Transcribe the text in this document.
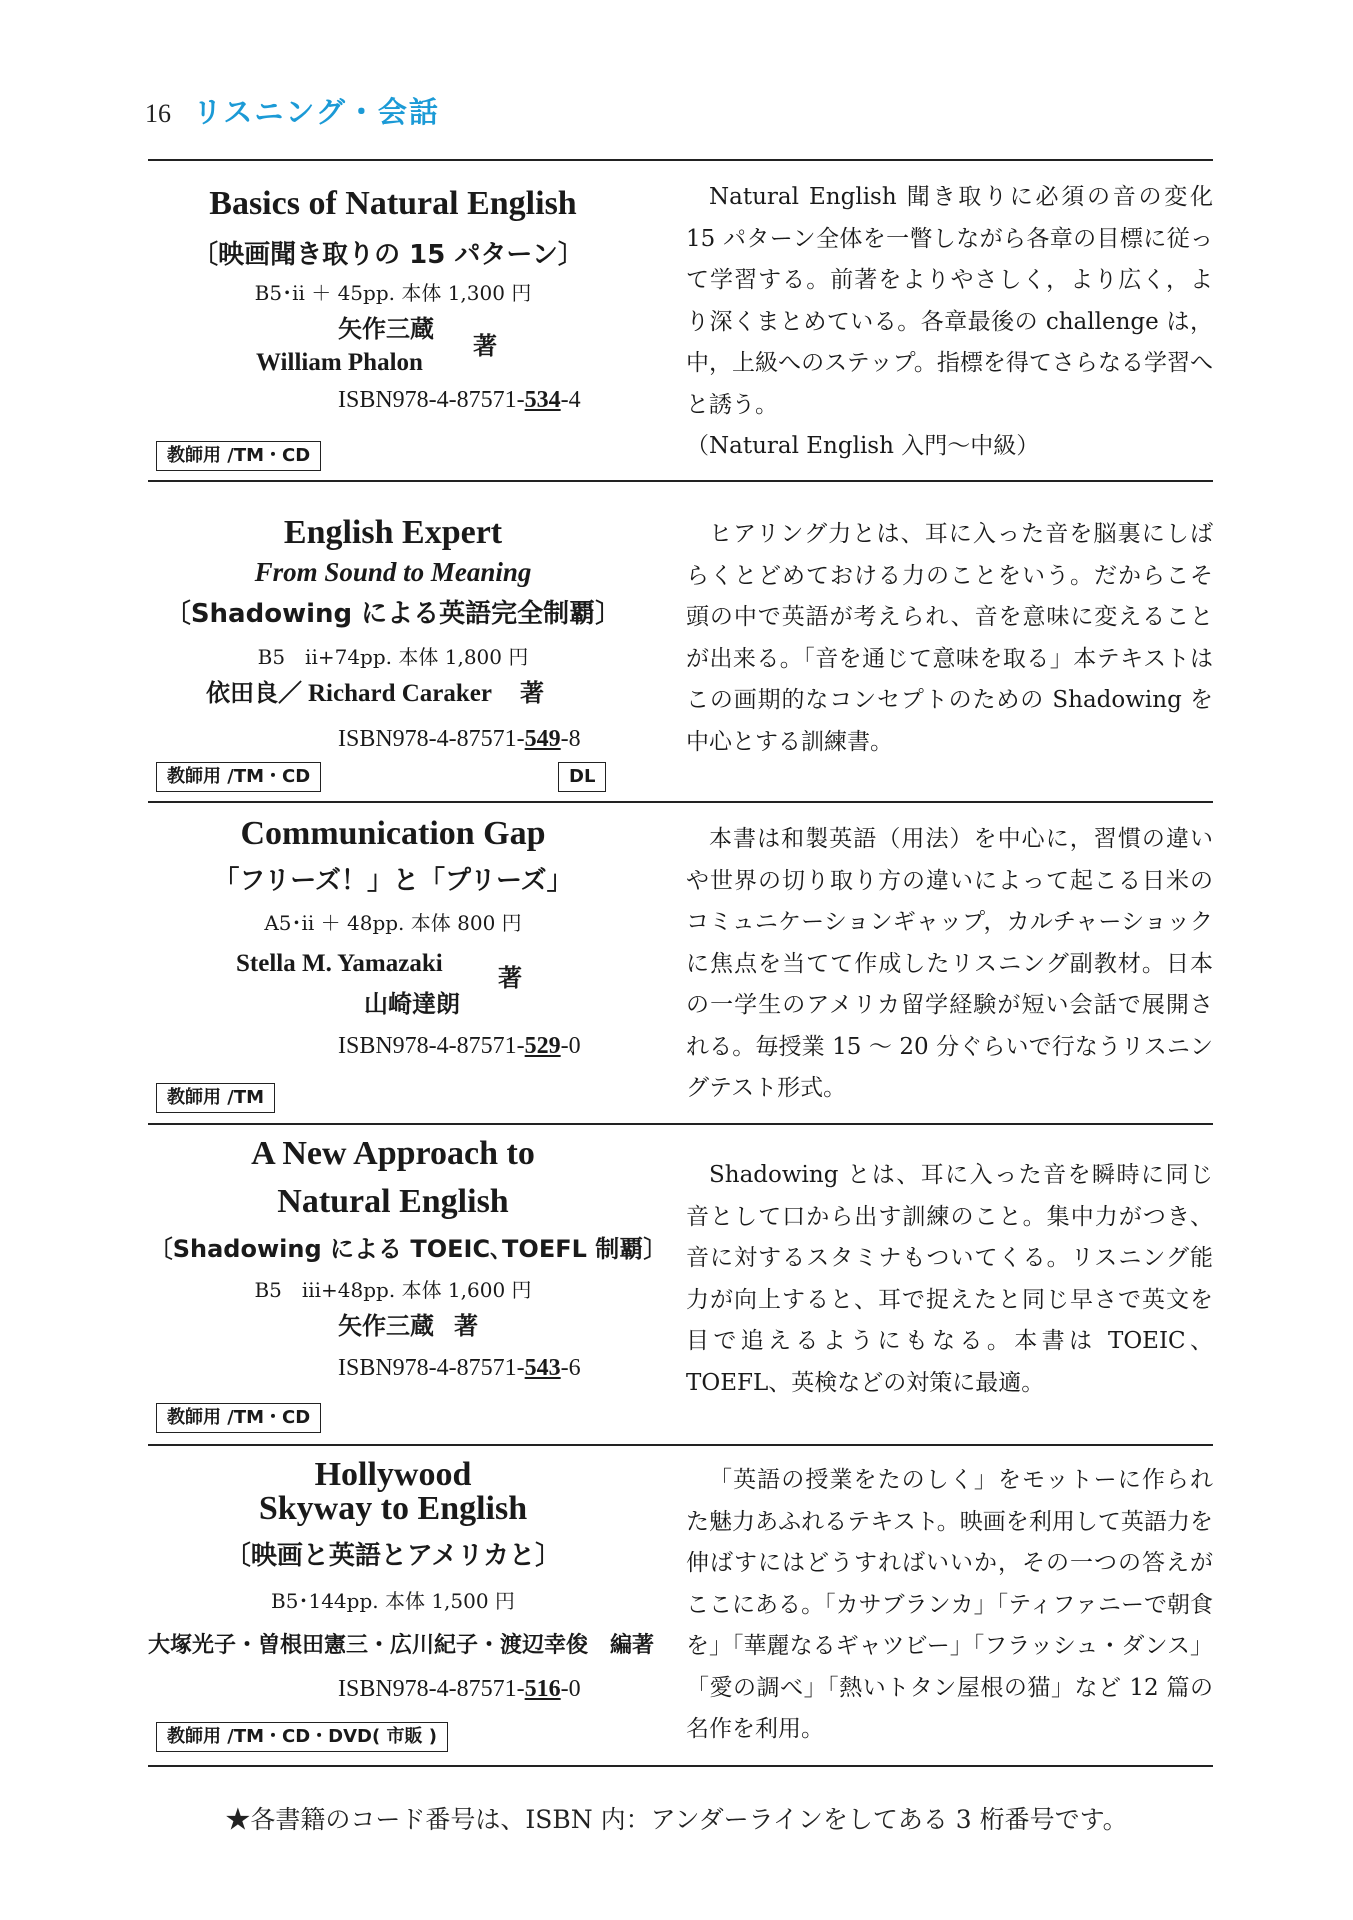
16 リスニング・会話
Basics of Natural English
〔映画聞き取りの 15 パターン〕
B5･ii ＋ 45pp. 本体 1,300 円
矢作三蔵
William Phalon
著
ISBN978-4-87571-534-4
教師用 /TM・CD

Natural English 聞き取りに必須の音の変化 15 パターン全体を一瞥しながら各章の目標に従って学習する。前著をよりやさしく，より広く，より深くまとめている。各章最後の challenge は，中，上級へのステップ。指標を得てさらなる学習へと誘う。

（Natural English 入門〜中級）

English Expert
From Sound to Meaning
〔Shadowing による英語完全制覇〕
B5　ii+74pp. 本体 1,800 円
依田良／ Richard Caraker 著
ISBN978-4-87571-549-8
教師用 /TM・CD	DL

ヒアリング力とは、耳に入った音を脳裏にしばらくとどめておける力のことをいう。だからこそ頭の中で英語が考えられ、音を意味に変えることが出来る。「音を通じて意味を取る」本テキストはこの画期的なコンセプトのための Shadowing を中心とする訓練書。

Communication Gap
「フリーズ！」と「プリーズ」
A5･ii ＋ 48pp. 本体 800 円
Stella M. Yamazaki
著
山崎達朗
ISBN978-4-87571-529-0
教師用 /TM

本書は和製英語（用法）を中心に，習慣の違いや世界の切り取り方の違いによって起こる日米のコミュニケーションギャップ，カルチャーショックに焦点を当てて作成したリスニング副教材。日本の一学生のアメリカ留学経験が短い会話で展開される。毎授業 15 〜 20 分ぐらいで行なうリスニングテスト形式。

A New Approach to
Natural English
〔Shadowing による TOEIC､TOEFL 制覇〕
B5　iii+48pp. 本体 1,600 円
矢作三蔵 著
ISBN978-4-87571-543-6
教師用 /TM・CD

Shadowing とは、耳に入った音を瞬時に同じ音として口から出す訓練のこと。集中力がつき、音に対するスタミナもついてくる。リスニング能力が向上すると、耳で捉えたと同じ早さで英文を目で追えるようにもなる。本書は TOEIC、TOEFL、英検などの対策に最適。

Hollywood
Skyway to English
〔映画と英語とアメリカと〕
B5･144pp. 本体 1,500 円
大塚光子・曽根田憲三・広川紀子・渡辺幸俊　編著
ISBN978-4-87571-516-0
教師用 /TM・CD・DVD( 市販 )

「英語の授業をたのしく」をモットーに作られた魅力あふれるテキスト。映画を利用して英語力を伸ばすにはどうすればいいか，その一つの答えがここにある。「カサブランカ」「ティファニーで朝食を」「華麗なるギャツビー」「フラッシュ・ダンス」「愛の調べ」「熱いトタン屋根の猫」など 12 篇の名作を利用。

★各書籍のコード番号は、ISBN 内：アンダーラインをしてある 3 桁番号です。
